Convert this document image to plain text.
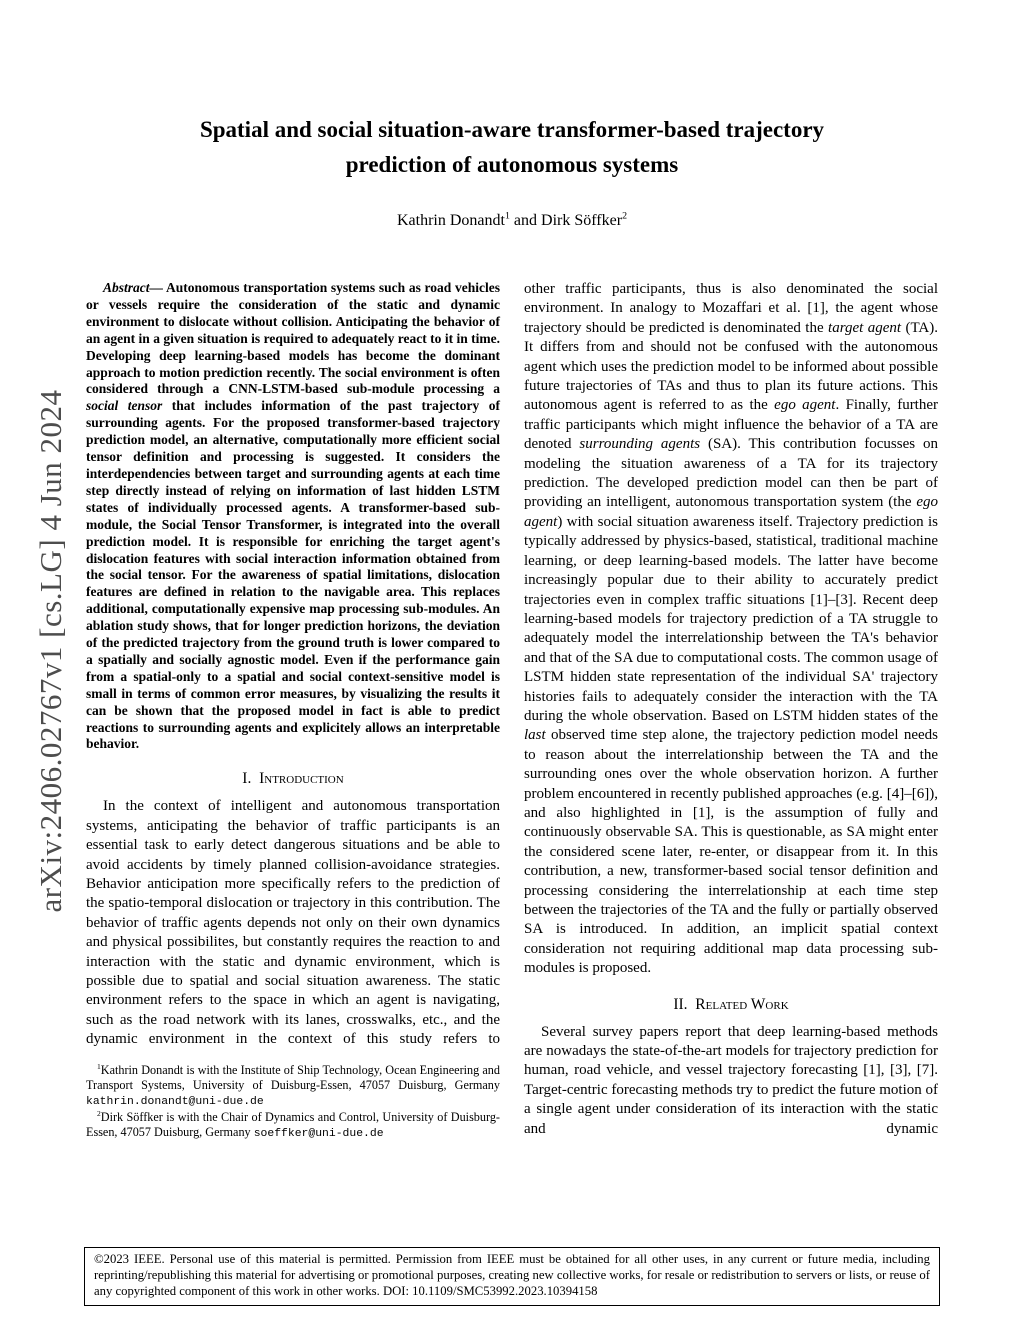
arXiv:2406.02767v1 [cs.LG] 4 Jun 2024
Spatial and social situation-aware transformer-based trajectory
prediction of autonomous systems
Kathrin Donandt$^1$ and Dirk Söffker$^2$

Abstract— Autonomous transportation systems such as road vehicles or vessels require the consideration of the static and dynamic environment to dislocate without collision. Anticipating the behavior of an agent in a given situation is required to adequately react to it in time. Developing deep learning-based models has become the dominant approach to motion prediction recently. The social environment is often considered through a CNN-LSTM-based sub-module processing a social tensor that includes information of the past trajectory of surrounding agents. For the proposed transformer-based trajectory prediction model, an alternative, computationally more efficient social tensor definition and processing is suggested. It considers the interdependencies between target and surrounding agents at each time step directly instead of relying on information of last hidden LSTM states of individually processed agents. A transformer-based sub-module, the Social Tensor Transformer, is integrated into the overall prediction model. It is responsible for enriching the target agent's dislocation features with social interaction information obtained from the social tensor. For the awareness of spatial limitations, dislocation features are defined in relation to the navigable area. This replaces additional, computationally expensive map processing sub-modules. An ablation study shows, that for longer prediction horizons, the deviation of the predicted trajectory from the ground truth is lower compared to a spatially and socially agnostic model. Even if the performance gain from a spatial-only to a spatial and social context-sensitive model is small in terms of common error measures, by visualizing the results it can be shown that the proposed model in fact is able to predict reactions to surrounding agents and explicitely allows an interpretable behavior.

I. Introduction

In the context of intelligent and autonomous transportation systems, anticipating the behavior of traffic participants is an essential task to early detect dangerous situations and be able to avoid accidents by timely planned collision-avoidance strategies. Behavior anticipation more specifically refers to the prediction of the spatio-temporal dislocation or trajectory in this contribution. The behavior of traffic agents depends not only on their own dynamics and physical possibilites, but constantly requires the reaction to and interaction with the static and dynamic environment, which is possible due to spatial and social situation awareness. The static environment refers to the space in which an agent is navigating, such as the road network with its lanes, crosswalks, etc., and the dynamic environment in the context of this study refers to

$^1$Kathrin Donandt is with the Institute of Ship Technology, Ocean Engineering and Transport Systems, University of Duisburg-Essen, 47057 Duisburg, Germany kathrin.donandt@uni-due.de

$^2$Dirk Söffker is with the Chair of Dynamics and Control, University of Duisburg-Essen, 47057 Duisburg, Germany soeffker@uni-due.de

other traffic participants, thus is also denominated the social environment. In analogy to Mozaffari et al. [1], the agent whose trajectory should be predicted is denominated the target agent (TA). It differs from and should not be confused with the autonomous agent which uses the prediction model to be informed about possible future trajectories of TAs and thus to plan its future actions. This autonomous agent is referred to as the ego agent. Finally, further traffic participants which might influence the behavior of a TA are denoted surrounding agents (SA). This contribution focusses on modeling the situation awareness of a TA for its trajectory prediction. The developed prediction model can then be part of providing an intelligent, autonomous transportation system (the ego agent) with social situation awareness itself. Trajectory prediction is typically addressed by physics-based, statistical, traditional machine learning, or deep learning-based models. The latter have become increasingly popular due to their ability to accurately predict trajectories even in complex traffic situations [1]–[3]. Recent deep learning-based models for trajectory prediction of a TA struggle to adequately model the interrelationship between the TA's behavior and that of the SA due to computational costs. The common usage of LSTM hidden state representation of the individual SA' trajectory histories fails to adequately consider the interaction with the TA during the whole observation. Based on LSTM hidden states of the last observed time step alone, the trajectory pediction model needs to reason about the interrelationship between the TA and the surrounding ones over the whole observation horizon. A further problem encountered in recently published approaches (e.g. [4]–[6]), and also highlighted in [1], is the assumption of fully and continuously observable SA. This is questionable, as SA might enter the considered scene later, re-enter, or disappear from it. In this contribution, a new, transformer-based social tensor definition and processing considering the interrelationship at each time step between the trajectories of the TA and the fully or partially observed SA is introduced. In addition, an implicit spatial context consideration not requiring additional map data processing sub-modules is proposed.

II. Related Work

Several survey papers report that deep learning-based methods are nowadays the state-of-the-art models for trajectory prediction for human, road vehicle, and vessel trajectory forecasting [1], [3], [7]. Target-centric forecasting methods try to predict the future motion of a single agent under consideration of its interaction with the static and dynamic

©2023 IEEE. Personal use of this material is permitted. Permission from IEEE must be obtained for all other uses, in any current or future media, including reprinting/republishing this material for advertising or promotional purposes, creating new collective works, for resale or redistribution to servers or lists, or reuse of any copyrighted component of this work in other works. DOI: 10.1109/SMC53992.2023.10394158
